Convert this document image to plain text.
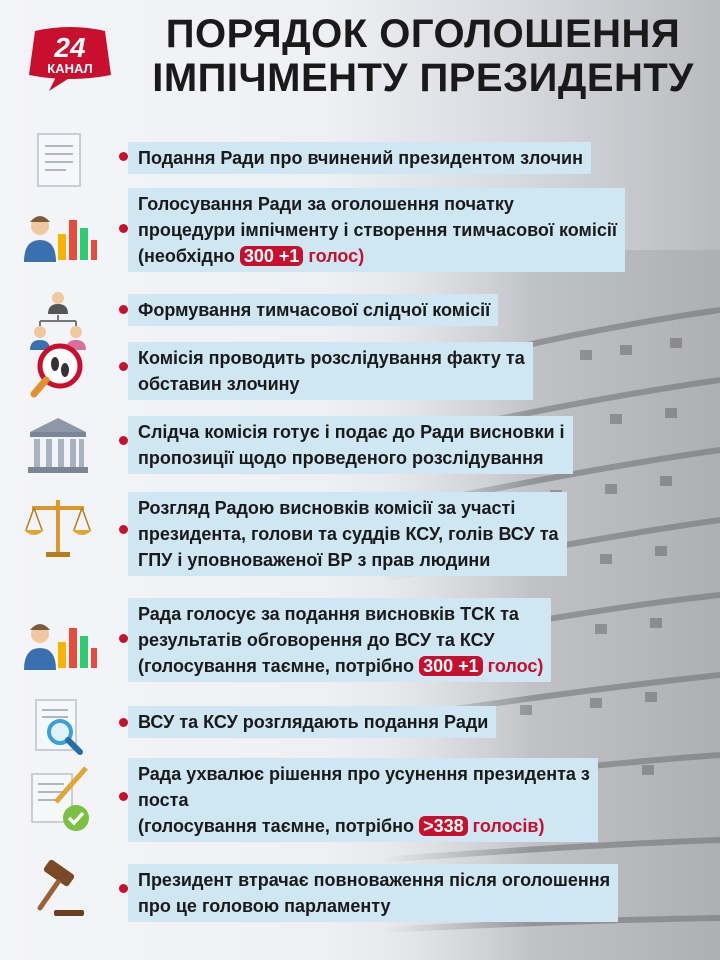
24
КАНАЛ
ПОРЯДОК ОГОЛОШЕННЯ
ІМПІЧМЕНТУ ПРЕЗИДЕНТУ
Подання Ради про вчинений президентом злочин
Голосування Ради за оголошення початку
процедури імпічменту і створення тимчасової комісії
(необхідно 300 +1 голос)
Формування тимчасової слідчої комісії
Комісія проводить розслідування факту та
обставин злочину
Слідча комісія готує і подає до Ради висновки і
пропозиції щодо проведеного розслідування
Розгляд Радою висновків комісії за участі
президента, голови та суддів КСУ, голів ВСУ та
ГПУ і уповноваженої ВР з прав людини
Рада голосує за подання висновків ТСК та
результатів обговорення до ВСУ та КСУ
(голосування таємне, потрібно 300 +1 голос)
ВСУ та КСУ розглядають подання Ради
Рада ухвалює рішення про усунення президента з
поста
(голосування таємне, потрібно >338 голосів)
Президент втрачає повноваження після оголошення
про це головою парламенту
